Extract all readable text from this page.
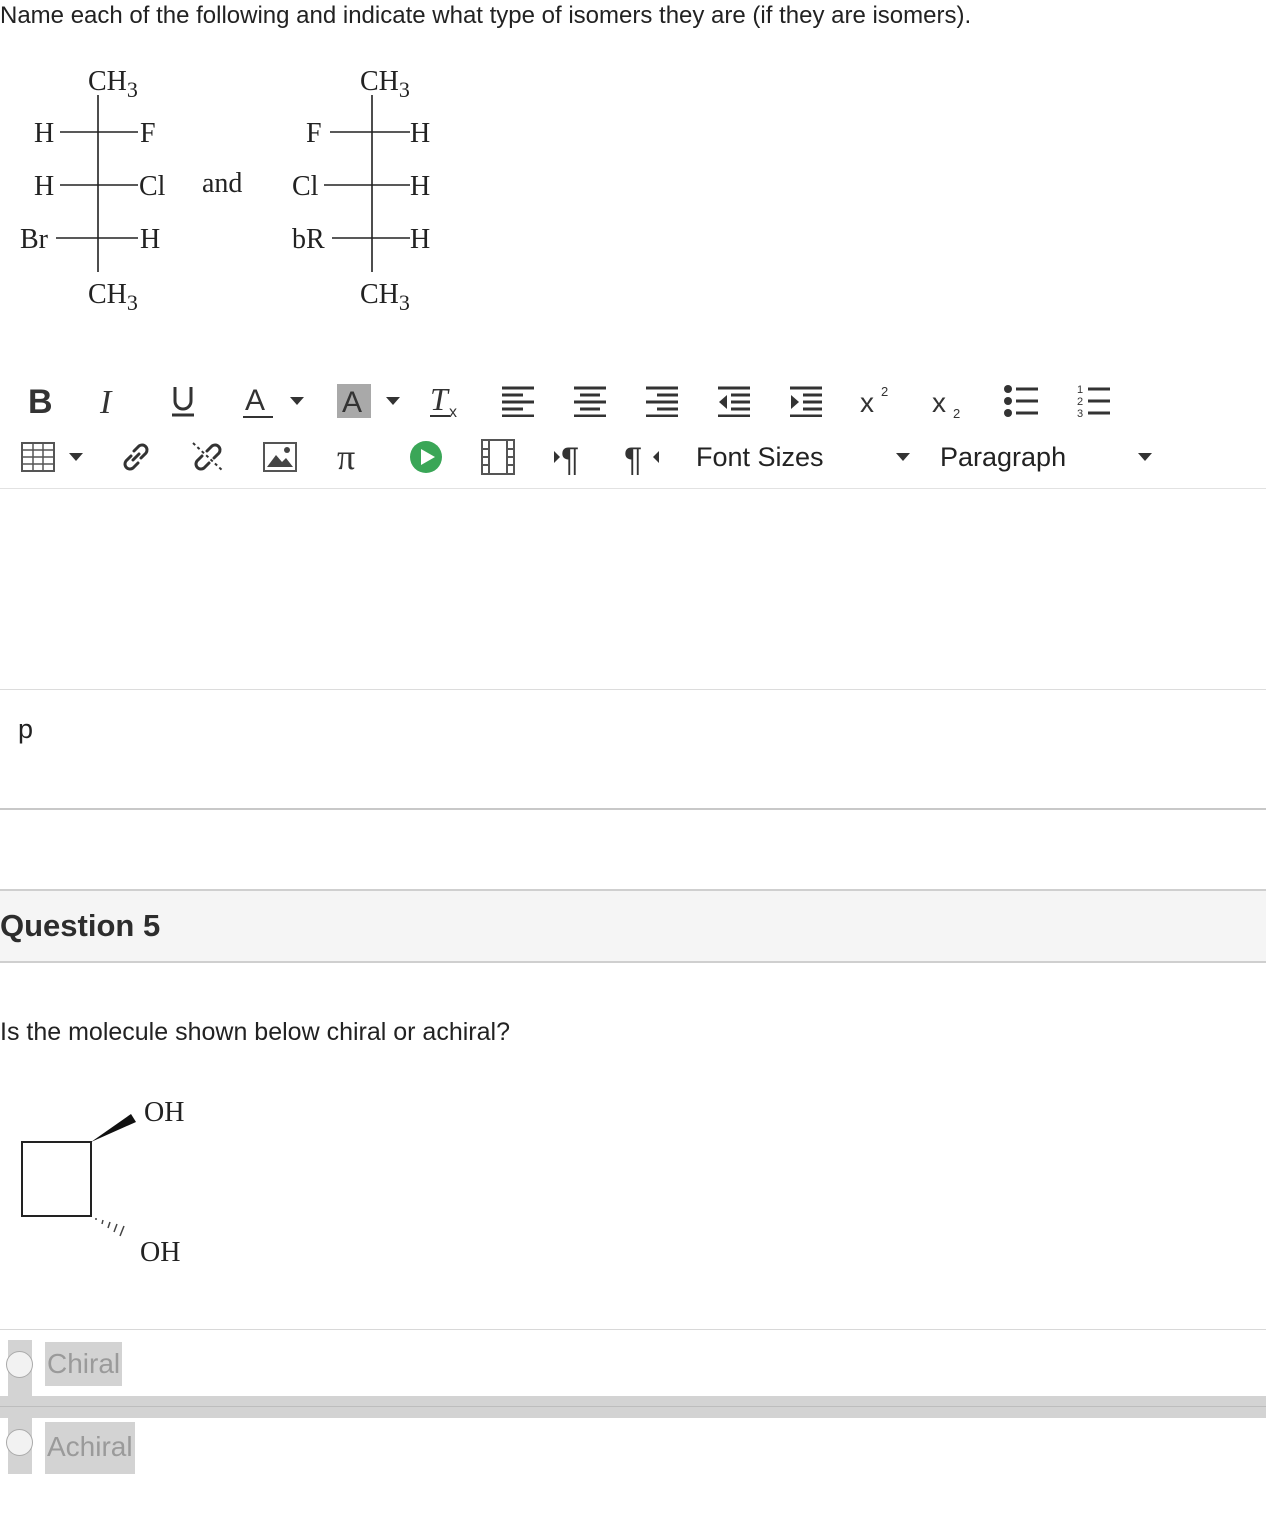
Name each of the following and indicate what type of isomers they are (if they are isomers).
$CH_3$
$CH_3$
H	F
H	Cl
Br	H
and
$CH_3$
$CH_3$
F	H
Cl	H
bR	H
B I	A	A T x	x 2 x 2
1
2
3
π	¶ ¶ Font Sizes	Paragraph
p
Question 5
Is the molecule shown below chiral or achiral?
OH
OH
Chiral
Achiral
